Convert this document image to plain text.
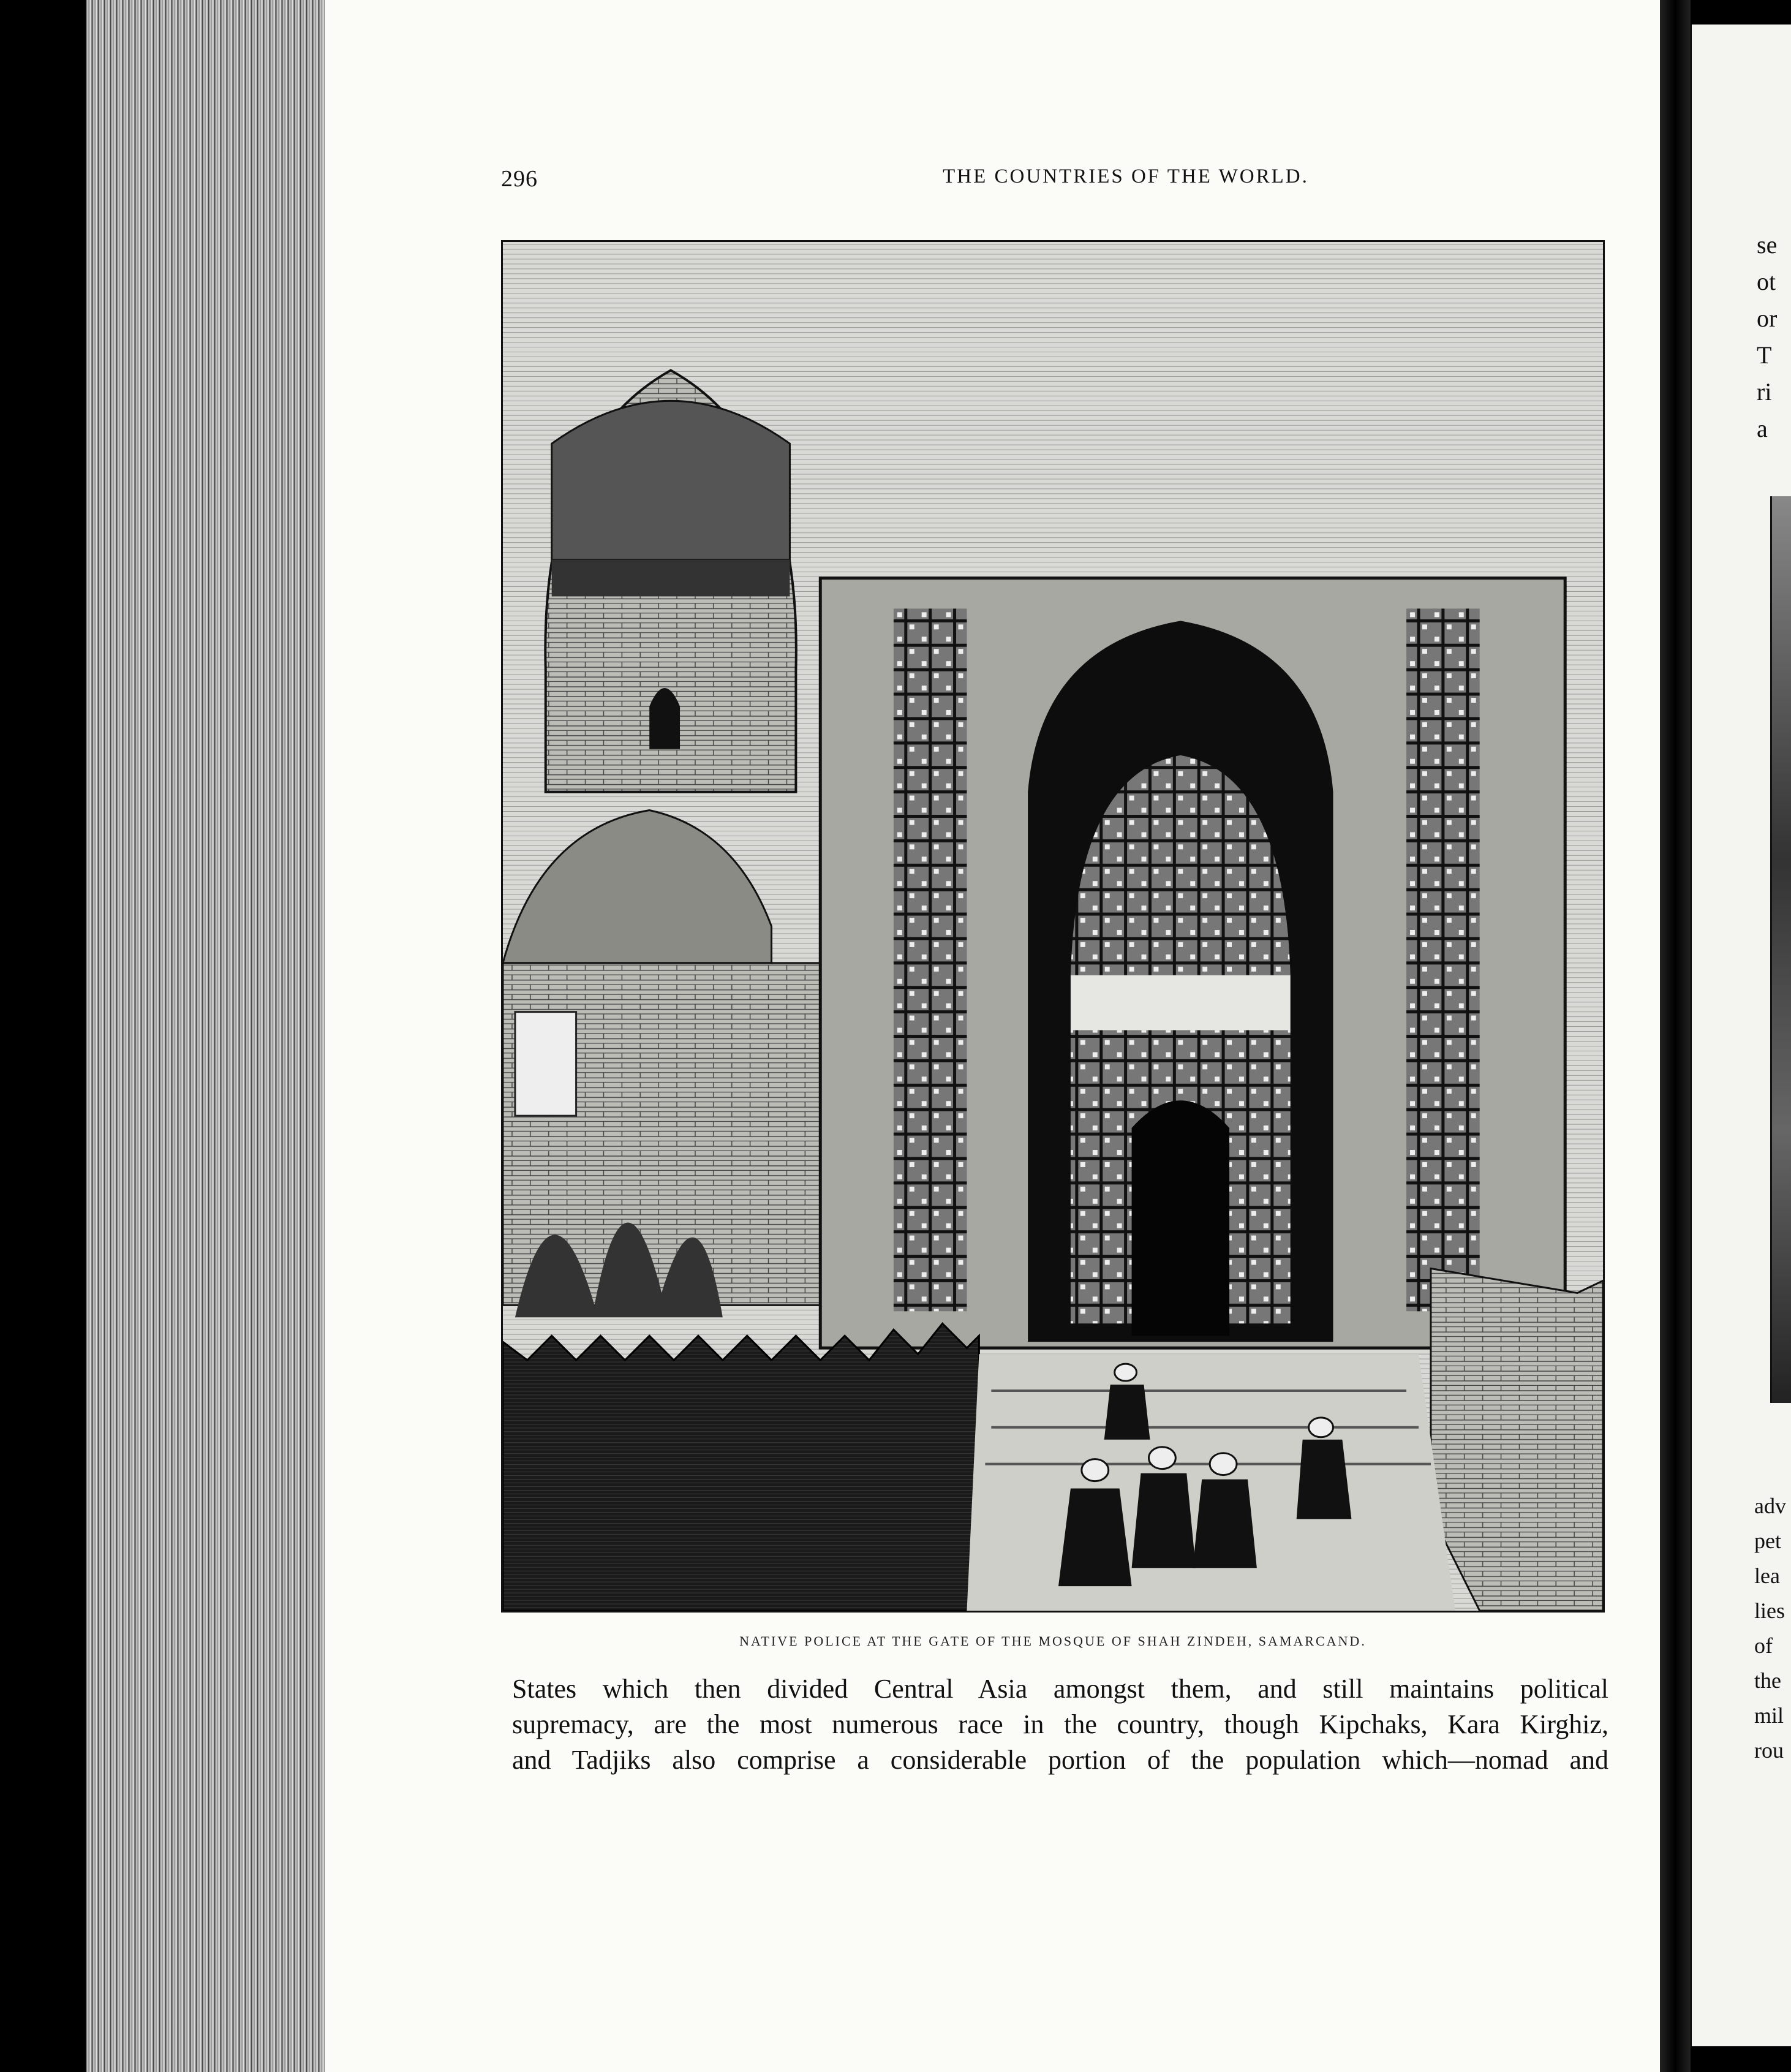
296	THE COUNTRIES OF THE WORLD.
NATIVE POLICE AT THE GATE OF THE MOSQUE OF SHAH ZINDEH, SAMARCAND.
States which then divided Central Asia amongst them, and still maintains political
supremacy, are the most numerous race in the country, though Kipchaks, Kara Kirghiz,
and Tadjiks also comprise a considerable portion of the population which—nomad and
se
ot
or
T
ri
a
adv
pet
lea
lies
of
the
mil
rou
